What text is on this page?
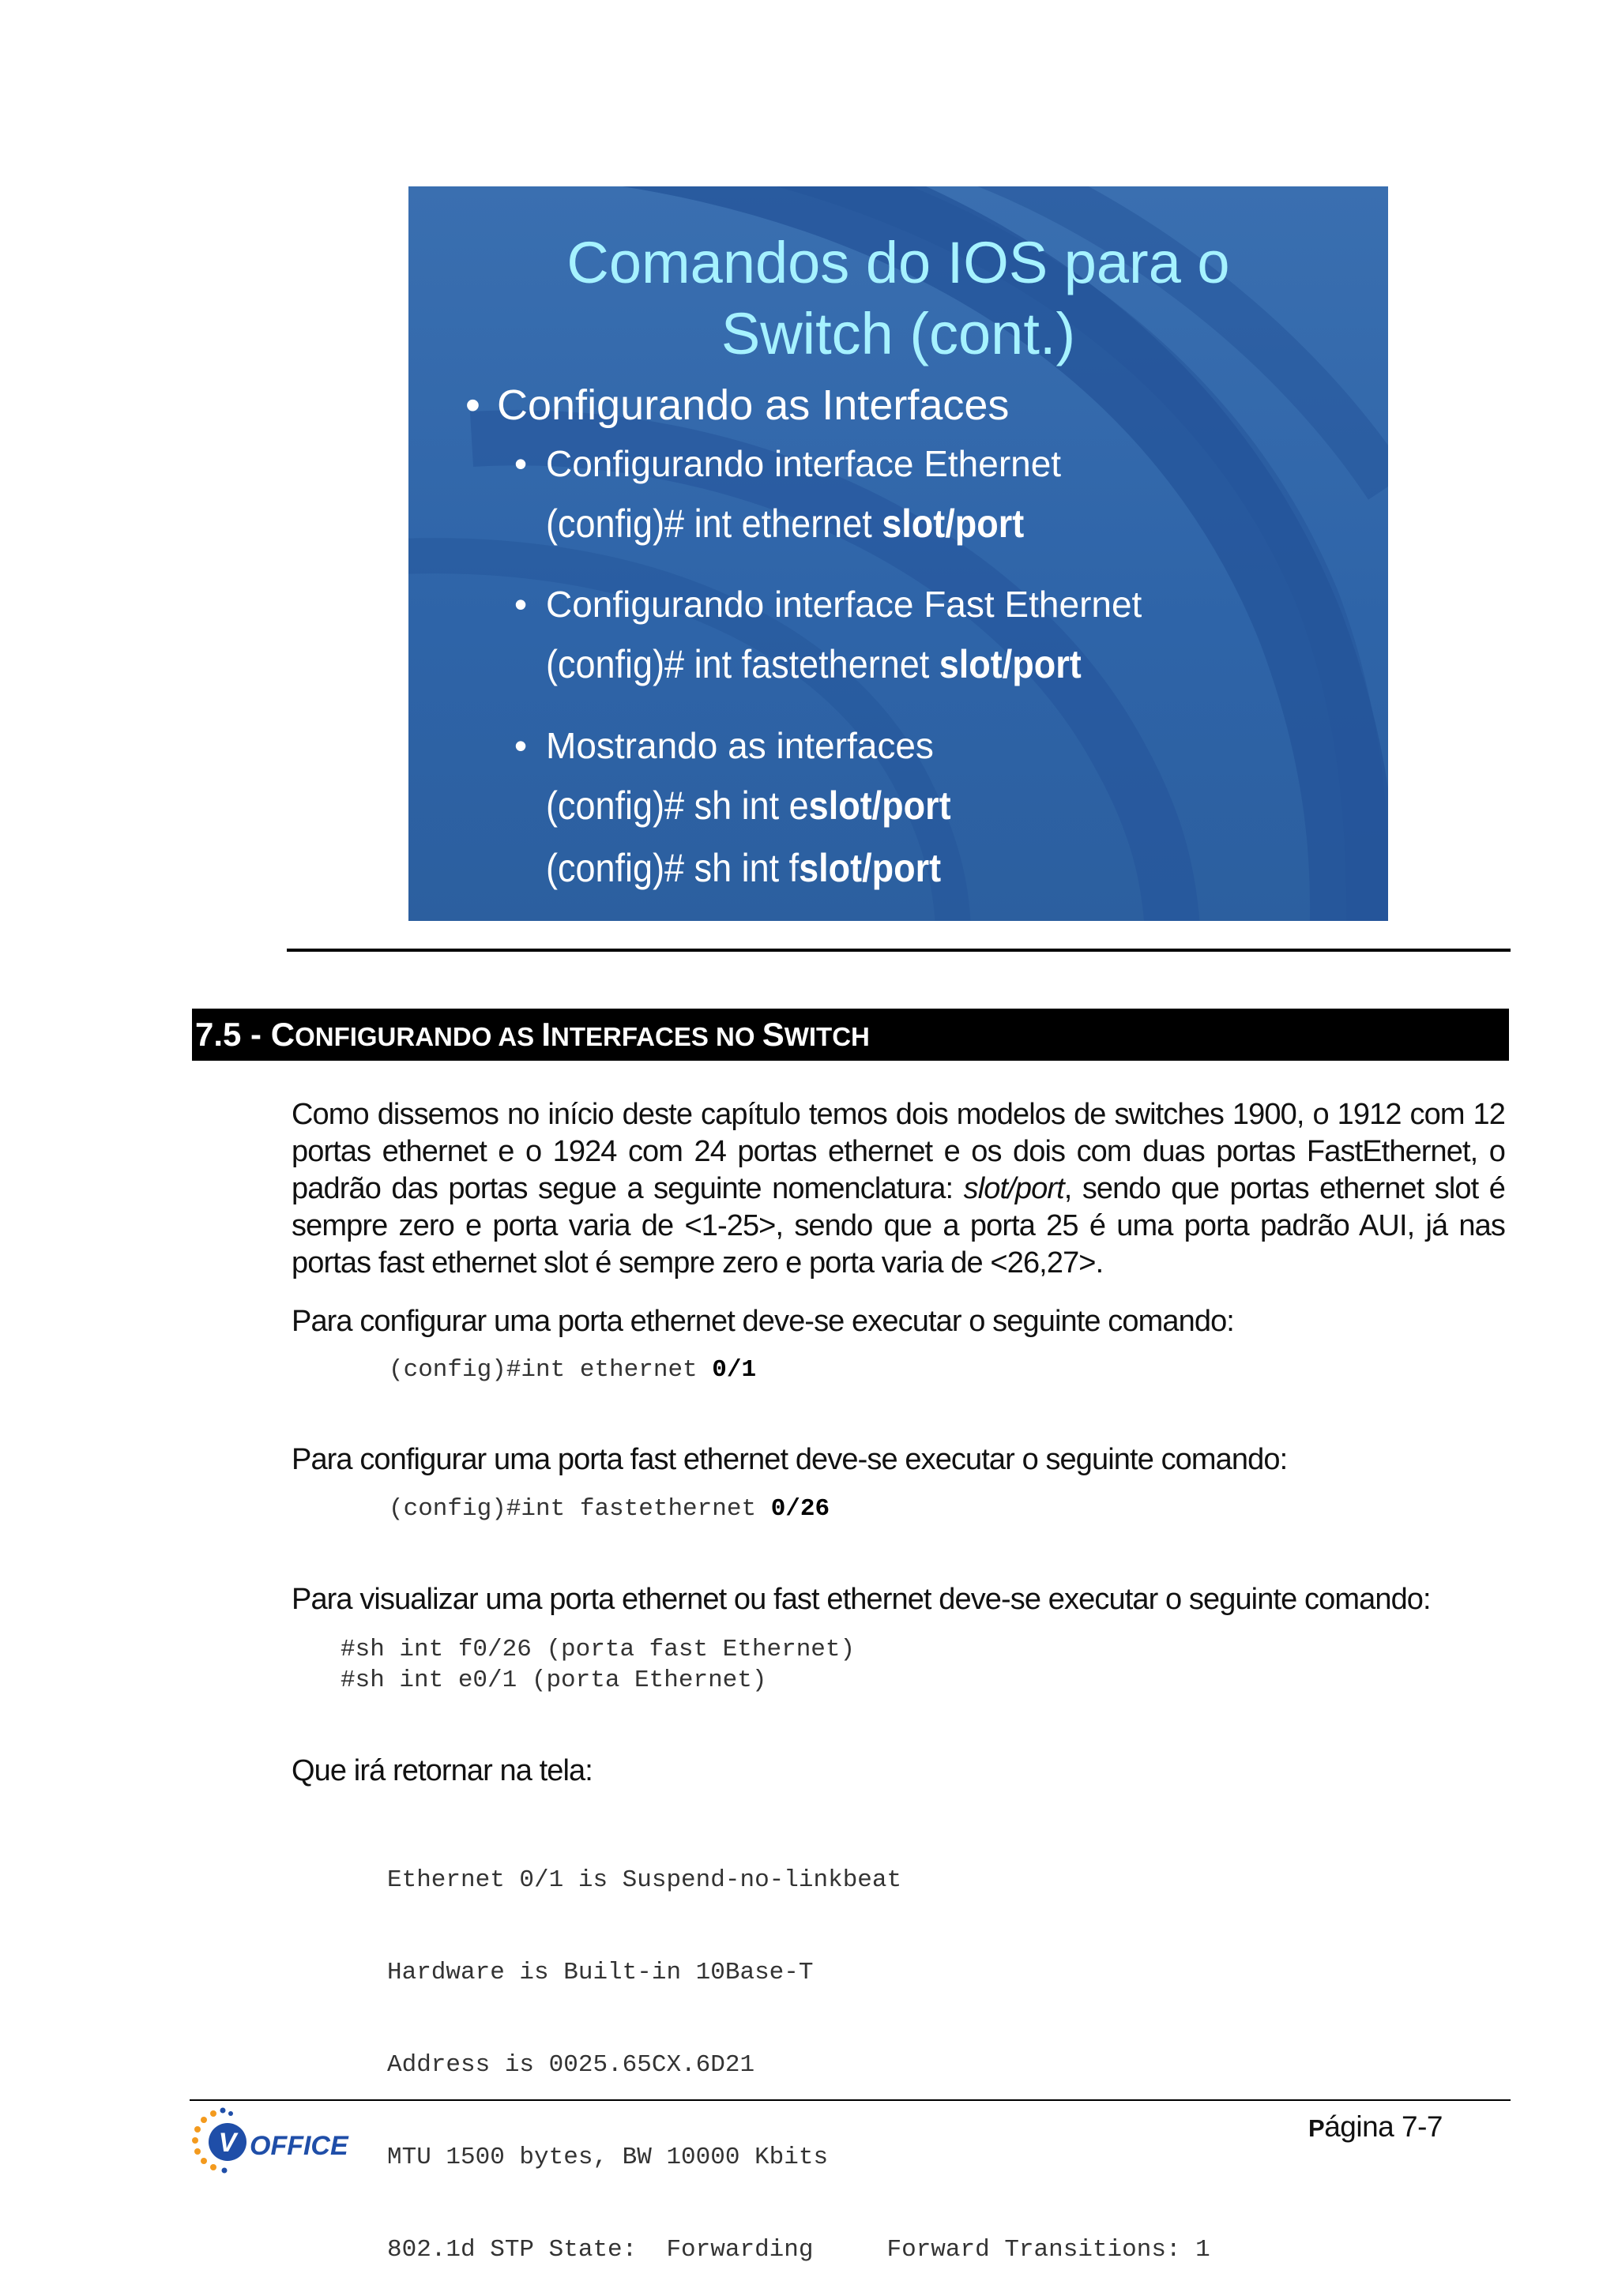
Comandos do IOS para o
Switch (cont.)
• Configurando as Interfaces
• Configurando interface Ethernet
(config)# int ethernet slot/port
• Configurando interface Fast Ethernet
(config)# int fastethernet slot/port
• Mostrando as interfaces
(config)# sh int eslot/port
(config)# sh int fslot/port
7.5 - CONFIGURANDO AS INTERFACES NO SWITCH

Como dissemos no início deste capítulo temos dois modelos de switches 1900, o 1912 com 12 portas ethernet e o 1924 com 24 portas ethernet e os dois com duas portas FastEthernet, o padrão das portas segue a seguinte nomenclatura: slot/port, sendo que portas ethernet slot é sempre zero e porta varia de <1-25>, sendo que a porta 25 é uma porta padrão AUI, já nas portas fast ethernet slot é sempre zero e porta varia de <26,27>.

Para configurar uma porta ethernet deve-se executar o seguinte comando:
(config)#int ethernet 0/1
Para configurar uma porta fast ethernet deve-se executar o seguinte comando:
(config)#int fastethernet 0/26
Para visualizar uma porta ethernet ou fast ethernet deve-se executar o seguinte comando:
#sh int f0/26 (porta fast Ethernet)
#sh int e0/1 (porta Ethernet)
Que irá retornar na tela:

Ethernet 0/1 is Suspend-no-linkbeat

Hardware is Built-in 10Base-T

Address is 0025.65CX.6D21

MTU 1500 bytes, BW 10000 Kbits

802.1d STP State:  Forwarding     Forward Transitions: 1

V OFFICE
Página 7-7
